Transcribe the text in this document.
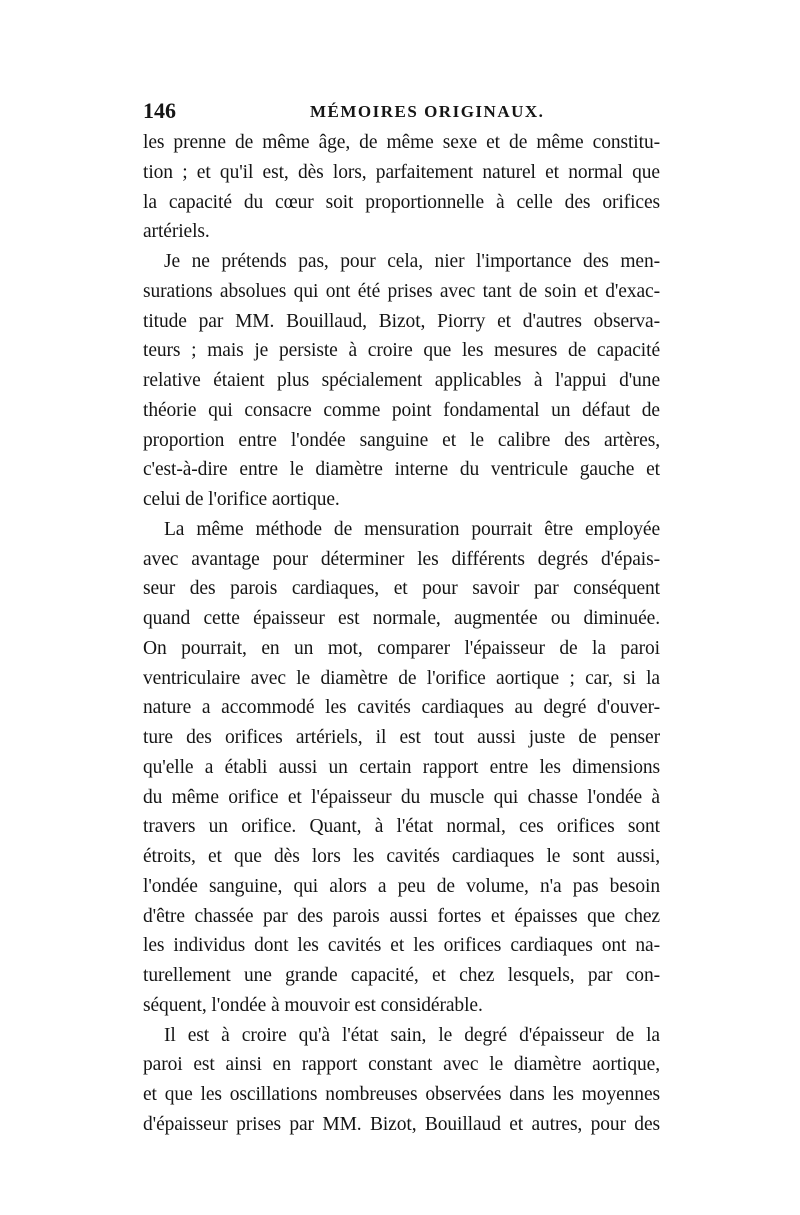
146	MÉMOIRES ORIGINAUX.
les prenne de même âge, de même sexe et de même constitu-
tion ; et qu'il est, dès lors, parfaitement naturel et normal que
la capacité du cœur soit proportionnelle à celle des orifices
artériels.
Je ne prétends pas, pour cela, nier l'importance des men-
surations absolues qui ont été prises avec tant de soin et d'exac-
titude par MM. Bouillaud, Bizot, Piorry et d'autres observa-
teurs ; mais je persiste à croire que les mesures de capacité
relative étaient plus spécialement applicables à l'appui d'une
théorie qui consacre comme point fondamental un défaut de
proportion entre l'ondée sanguine et le calibre des artères,
c'est-à-dire entre le diamètre interne du ventricule gauche et
celui de l'orifice aortique.
La même méthode de mensuration pourrait être employée
avec avantage pour déterminer les différents degrés d'épais-
seur des parois cardiaques, et pour savoir par conséquent
quand cette épaisseur est normale, augmentée ou diminuée.
On pourrait, en un mot, comparer l'épaisseur de la paroi
ventriculaire avec le diamètre de l'orifice aortique ; car, si la
nature a accommodé les cavités cardiaques au degré d'ouver-
ture des orifices artériels, il est tout aussi juste de penser
qu'elle a établi aussi un certain rapport entre les dimensions
du même orifice et l'épaisseur du muscle qui chasse l'ondée à
travers un orifice. Quant, à l'état normal, ces orifices sont
étroits, et que dès lors les cavités cardiaques le sont aussi,
l'ondée sanguine, qui alors a peu de volume, n'a pas besoin
d'être chassée par des parois aussi fortes et épaisses que chez
les individus dont les cavités et les orifices cardiaques ont na-
turellement une grande capacité, et chez lesquels, par con-
séquent, l'ondée à mouvoir est considérable.
Il est à croire qu'à l'état sain, le degré d'épaisseur de la
paroi est ainsi en rapport constant avec le diamètre aortique,
et que les oscillations nombreuses observées dans les moyennes
d'épaisseur prises par MM. Bizot, Bouillaud et autres, pour des
